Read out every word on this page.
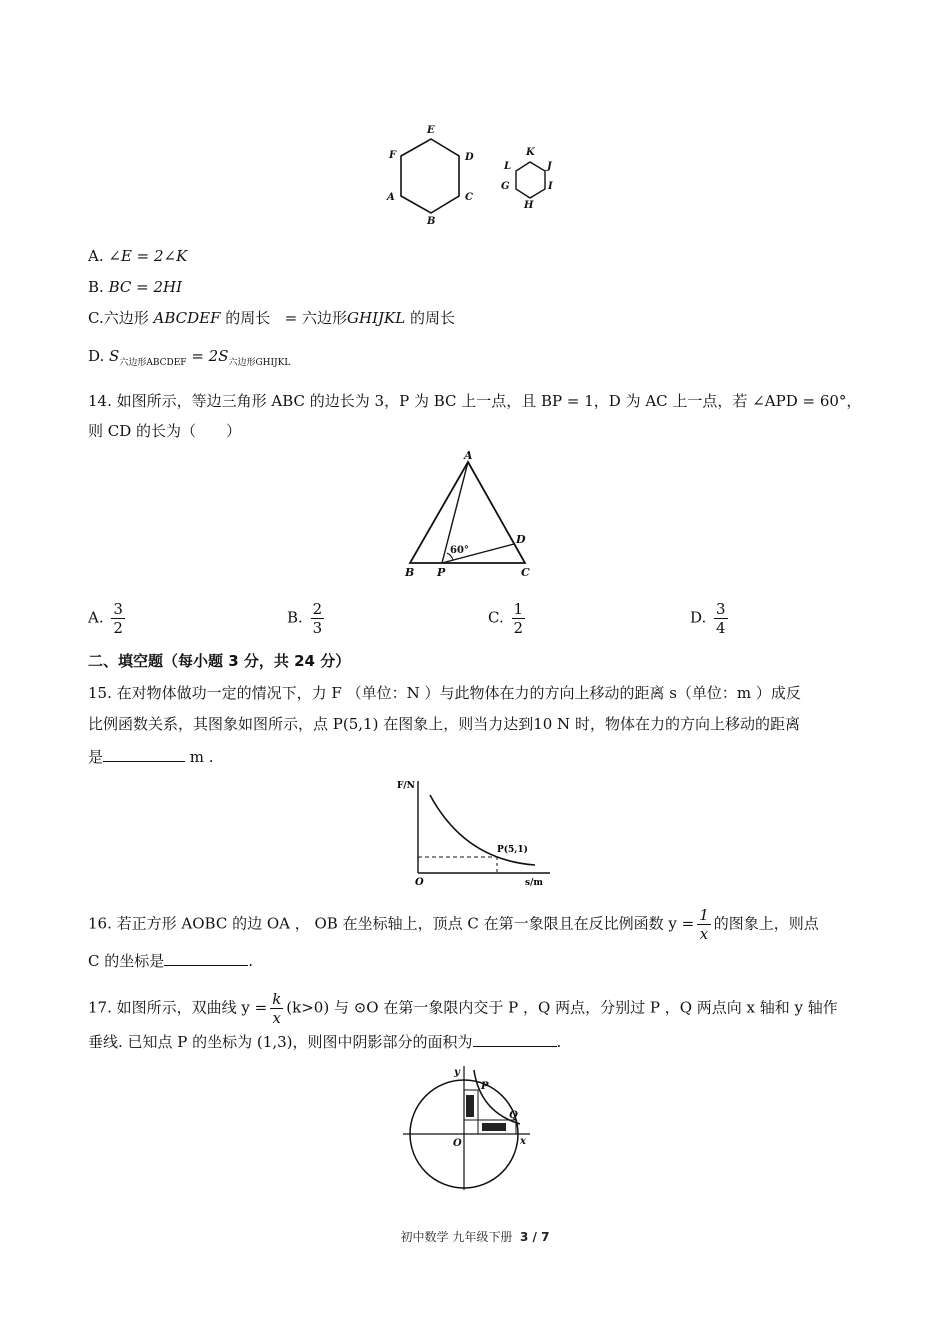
E
D
C
B
A
F	K
J
I
H
G
L
A. ∠E = 2∠K
B. BC = 2HI
C.六边形 ABCDEF 的周长 = 六边形GHIJKL 的周长
D. $S_{六边形ABCDEF} = 2S_{六边形GHIJKL}$
14. 如图所示，等边三角形 ABC 的边长为 3，P 为 BC 上一点，且 BP = 1，D 为 AC 上一点，若 ∠APD = 60°，
则 CD 的长为（　　）
A
B	C
P
D
60°
A. $\frac{3}{2}$	B. $\frac{2}{3}$	C. $\frac{1}{2}$	D. $\frac{3}{4}$
二、填空题（每小题 3 分，共 24 分）
15. 在对物体做功一定的情况下，力 F （单位：N ）与此物体在力的方向上移动的距离 s（单位：m ）成反
比例函数关系，其图象如图所示，点 P(5,1) 在图象上，则当力达到10 N 时，物体在力的方向上移动的距离
是	m .
F/N
s/m
O
P(5,1)
16. 若正方形 AOBC 的边 OA ， OB 在坐标轴上，顶点 C 在第一象限且在反比例函数 $y = \frac{1}{x}$ 的图象上，则点
C 的坐标是	.
17. 如图所示，双曲线 $y = \frac{k}{x} (k>0)$ 与 ⊙O 在第一象限内交于 P ，Q 两点，分别过 P ，Q 两点向 x 轴和 y 轴作
垂线. 已知点 P 的坐标为 (1,3)，则图中阴影部分的面积为	.
y
x
O
P
Q
初中数学 九年级下册 3 / 7
